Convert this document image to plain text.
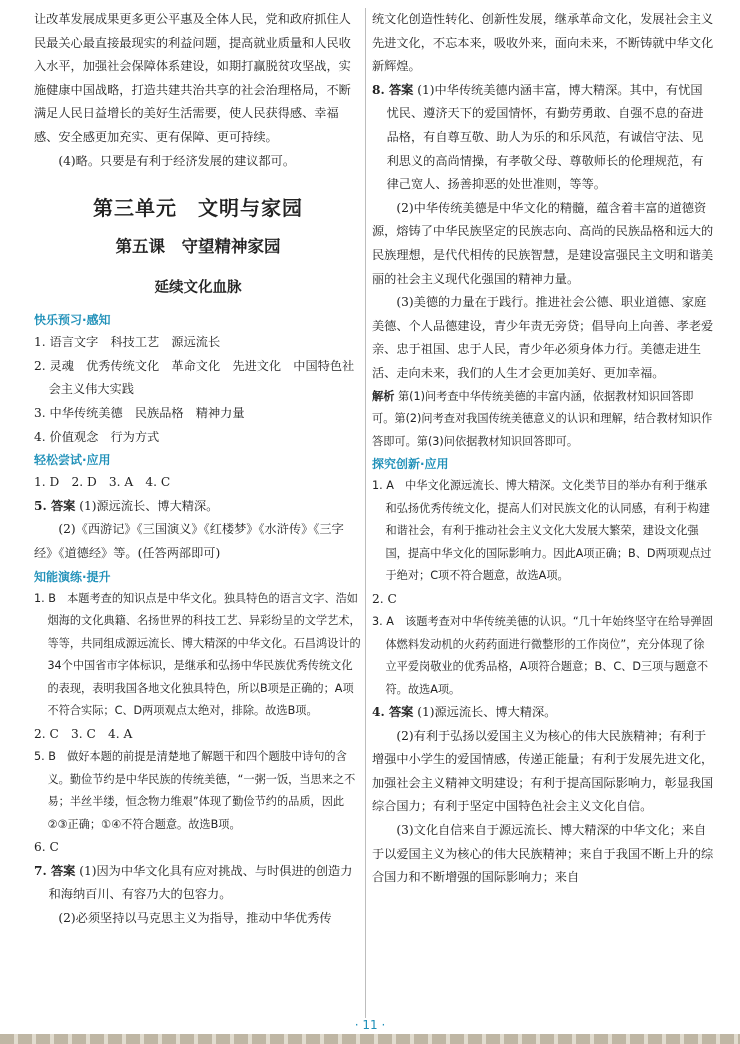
让改革发展成果更多更公平惠及全体人民，党和政府抓住人民最关心最直接最现实的利益问题，提高就业质量和人民收入水平，加强社会保障体系建设，如期打赢脱贫攻坚战，实施健康中国战略，打造共建共治共享的社会治理格局，不断满足人民日益增长的美好生活需要，使人民获得感、幸福感、安全感更加充实、更有保障、更可持续。

(4)略。只要是有利于经济发展的建议都可。

第三单元　文明与家园
第五课　守望精神家园
延续文化血脉
快乐预习·感知

1. 语言文字　科技工艺　源远流长

2. 灵魂　优秀传统文化　革命文化　先进文化　中国特色社会主义伟大实践

3. 中华传统美德　民族品格　精神力量

4. 价值观念　行为方式

轻松尝试·应用

1. D　2. D　3. A　4. C

5. 答案 (1)源远流长、博大精深。

(2)《西游记》《三国演义》《红楼梦》《水浒传》《三字经》《道德经》等。(任答两部即可)

知能演练·提升

1. B　本题考查的知识点是中华文化。独具特色的语言文字、浩如烟海的文化典籍、名扬世界的科技工艺、异彩纷呈的文学艺术，等等，共同组成源远流长、博大精深的中华文化。石昌鸿设计的34个中国省市字体标识，是继承和弘扬中华民族优秀传统文化的表现，表明我国各地文化独具特色，所以B项是正确的；A项不符合实际；C、D两项观点太绝对，排除。故选B项。

2. C　3. C　4. A

5. B　做好本题的前提是清楚地了解题干和四个题肢中诗句的含义。勤俭节约是中华民族的传统美德，“一粥一饭，当思来之不易；半丝半缕，恒念物力维艰”体现了勤俭节约的品质，因此②③正确；①④不符合题意。故选B项。

6. C

7. 答案 (1)因为中华文化具有应对挑战、与时俱进的创造力和海纳百川、有容乃大的包容力。

(2)必须坚持以马克思主义为指导，推动中华优秀传

统文化创造性转化、创新性发展，继承革命文化，发展社会主义先进文化，不忘本来，吸收外来，面向未来，不断铸就中华文化新辉煌。

8. 答案 (1)中华传统美德内涵丰富，博大精深。其中，有忧国忧民、遵济天下的爱国情怀，有勤劳勇敢、自强不息的奋进品格，有自尊互敬、助人为乐的和乐风范，有诚信守法、见利思义的高尚情操，有孝敬父母、尊敬师长的伦理规范，有律己宽人、扬善抑恶的处世准则，等等。

(2)中华传统美德是中华文化的精髓，蕴含着丰富的道德资源，熔铸了中华民族坚定的民族志向、高尚的民族品格和远大的民族理想，是代代相传的民族智慧，是建设富强民主文明和谐美丽的社会主义现代化强国的精神力量。

(3)美德的力量在于践行。推进社会公德、职业道德、家庭美德、个人品德建设，青少年责无旁贷；倡导向上向善、孝老爱亲、忠于祖国、忠于人民，青少年必须身体力行。美德走进生活、走向未来，我们的人生才会更加美好、更加幸福。

解析 第(1)问考查中华传统美德的丰富内涵，依据教材知识回答即可。第(2)问考查对我国传统美德意义的认识和理解，结合教材知识作答即可。第(3)问依据教材知识回答即可。

探究创新·应用

1. A　中华文化源远流长、博大精深。文化类节目的举办有利于继承和弘扬优秀传统文化，提高人们对民族文化的认同感，有利于构建和谐社会，有利于推动社会主义文化大发展大繁荣，建设文化强国，提高中华文化的国际影响力。因此A项正确；B、D两项观点过于绝对；C项不符合题意，故选A项。

2. C

3. A　该题考查对中华传统美德的认识。“几十年始终坚守在给导弹固体燃料发动机的火药药面进行微整形的工作岗位”，充分体现了徐立平爱岗敬业的优秀品格，A项符合题意；B、C、D三项与题意不符。故选A项。

4. 答案 (1)源远流长、博大精深。

(2)有利于弘扬以爱国主义为核心的伟大民族精神；有利于增强中小学生的爱国情感，传递正能量；有利于发展先进文化，加强社会主义精神文明建设；有利于提高国际影响力，彰显我国综合国力；有利于坚定中国特色社会主义文化自信。

(3)文化自信来自于源远流长、博大精深的中华文化；来自于以爱国主义为核心的伟大民族精神；来自于我国不断上升的综合国力和不断增强的国际影响力；来自

· 11 ·
